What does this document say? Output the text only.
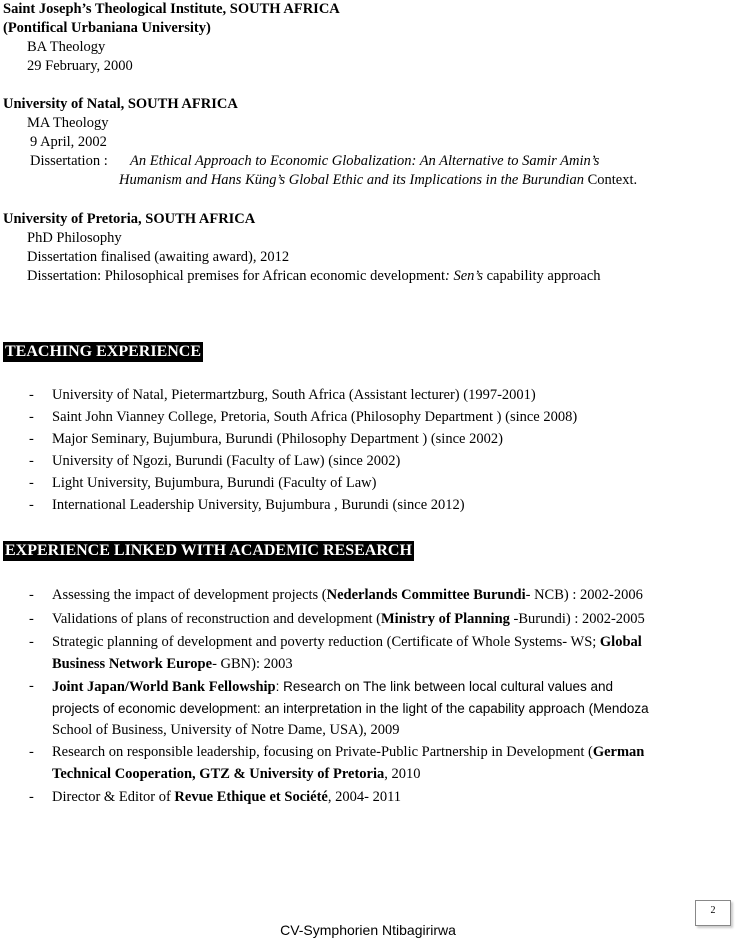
Saint Joseph’s Theological Institute, SOUTH AFRICA
(Pontifical Urbaniana University)
BA Theology
29 February, 2000
University of Natal, SOUTH AFRICA
MA Theology
9 April, 2002
Dissertation : An Ethical Approach to Economic Globalization: An Alternative to Samir Amin’s
Humanism and Hans Küng’s Global Ethic and its Implications in the Burundian Context.
University of Pretoria, SOUTH AFRICA
PhD Philosophy
Dissertation finalised (awaiting award), 2012
Dissertation: Philosophical premises for African economic development: Sen’s capability approach
TEACHING EXPERIENCE
- University of Natal, Pietermartzburg, South Africa (Assistant lecturer) (1997-2001)
- Saint John Vianney College, Pretoria, South Africa (Philosophy Department ) (since 2008)
- Major Seminary, Bujumbura, Burundi (Philosophy Department ) (since 2002)
- University of Ngozi, Burundi (Faculty of Law) (since 2002)
- Light University, Bujumbura, Burundi (Faculty of Law)
- International Leadership University, Bujumbura , Burundi (since 2012)
EXPERIENCE LINKED WITH ACADEMIC RESEARCH
- Assessing the impact of development projects (Nederlands Committee Burundi- NCB) : 2002-2006
- Validations of plans of reconstruction and development (Ministry of Planning -Burundi) : 2002-2005
- Strategic planning of development and poverty reduction (Certificate of Whole Systems- WS; Global
Business Network Europe- GBN): 2003
- Joint Japan/World Bank Fellowship: Research on The link between local cultural values and
projects of economic development: an interpretation in the light of the capability approach (Mendoza
School of Business, University of Notre Dame, USA), 2009
- Research on responsible leadership, focusing on Private-Public Partnership in Development (German
Technical Cooperation, GTZ & University of Pretoria, 2010
- Director & Editor of Revue Ethique et Société, 2004- 2011
2
CV-Symphorien Ntibagirirwa
